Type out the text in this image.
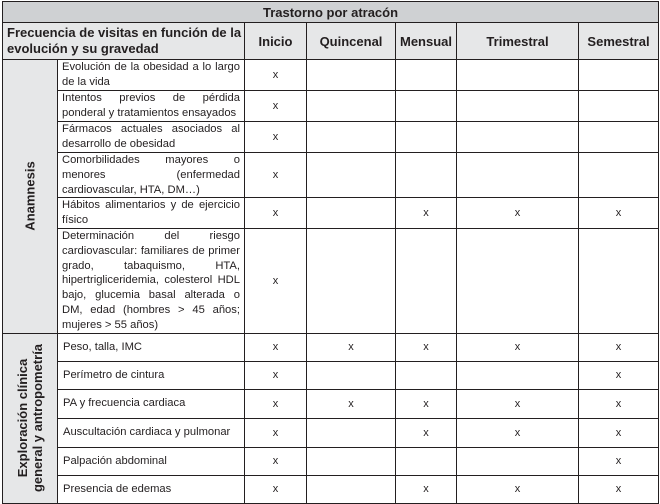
Trastorno por atracón						
Frecuencia de visitas en función de la evolución y su gravedad		Inicio	Quincenal	Mensual	Trimestral	Semestral

Anamnesis	Evolución de la obesidad a lo largo de la vida	x				
	Intentos previos de pérdida ponderal y tratamientos ensayados	x				
	Fármacos actuales asociados al desarrollo de obesidad	x				
	Comorbilidades mayores o menores (enfermedad cardiovascular, HTA, DM…)	x				
	Hábitos alimentarios y de ejercicio físico	x		x	x	x
	Determinación del riesgo cardiovascular: familiares de primer grado, tabaquismo, HTA, hipertrigliceridemia, colesterol HDL bajo, glucemia basal alterada o DM, edad (hombres > 45 años; mujeres > 55 años)	x				

Exploración clínica general y antropometría	Peso, talla, IMC	x	x	x	x	x
	Perímetro de cintura	x				x
	PA y frecuencia cardiaca	x	x	x	x	x
	Auscultación cardiaca y pulmonar	x		x	x	x
	Palpación abdominal	x				x
	Presencia de edemas	x		x	x	x
